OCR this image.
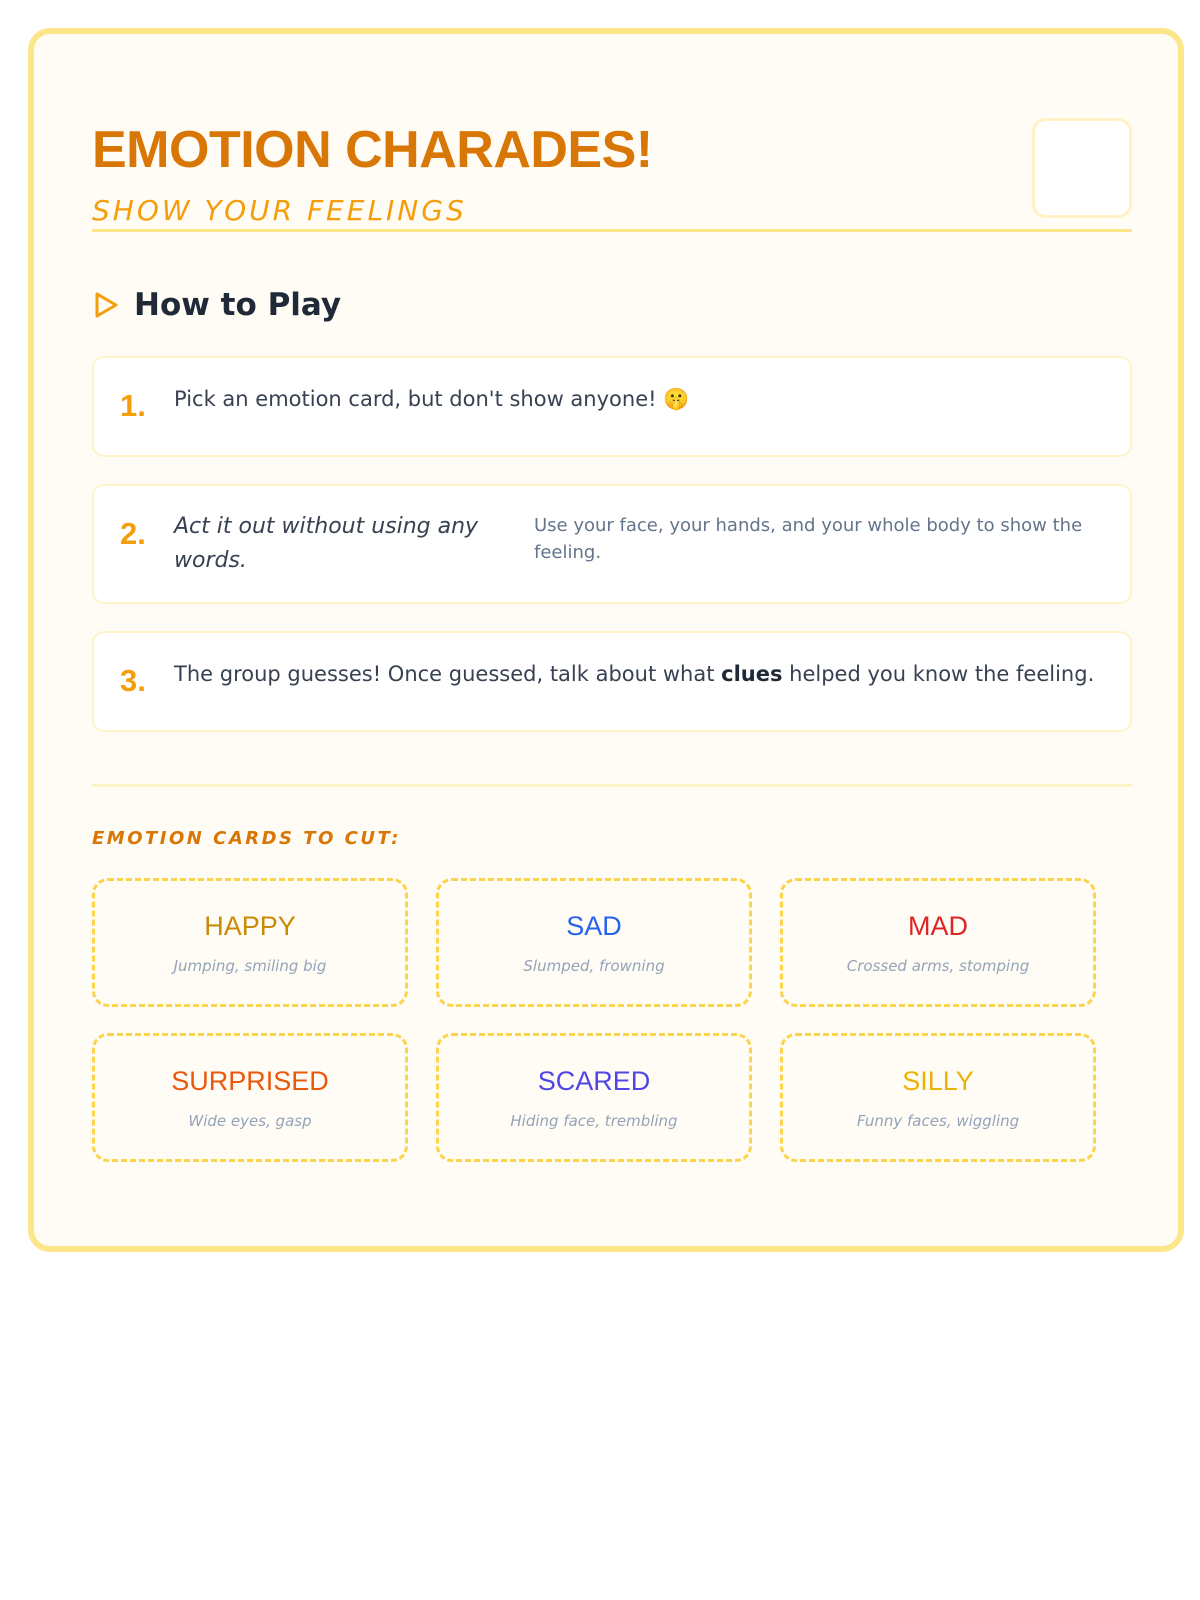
EMOTION CHARADES!
SHOW YOUR FEELINGS
How to Play
1. Pick an emotion card, but don't show anyone! 🤫
2. Act it out without using any words.
Use your face, your hands, and your whole body to show the feeling.
3. The group guesses! Once guessed, talk about what clues helped you know the feeling.
EMOTION CARDS TO CUT:
HAPPY
Jumping, smiling big
SAD
Slumped, frowning
MAD
Crossed arms, stomping
SURPRISED
Wide eyes, gasp
SCARED
Hiding face, trembling
SILLY
Funny faces, wiggling
